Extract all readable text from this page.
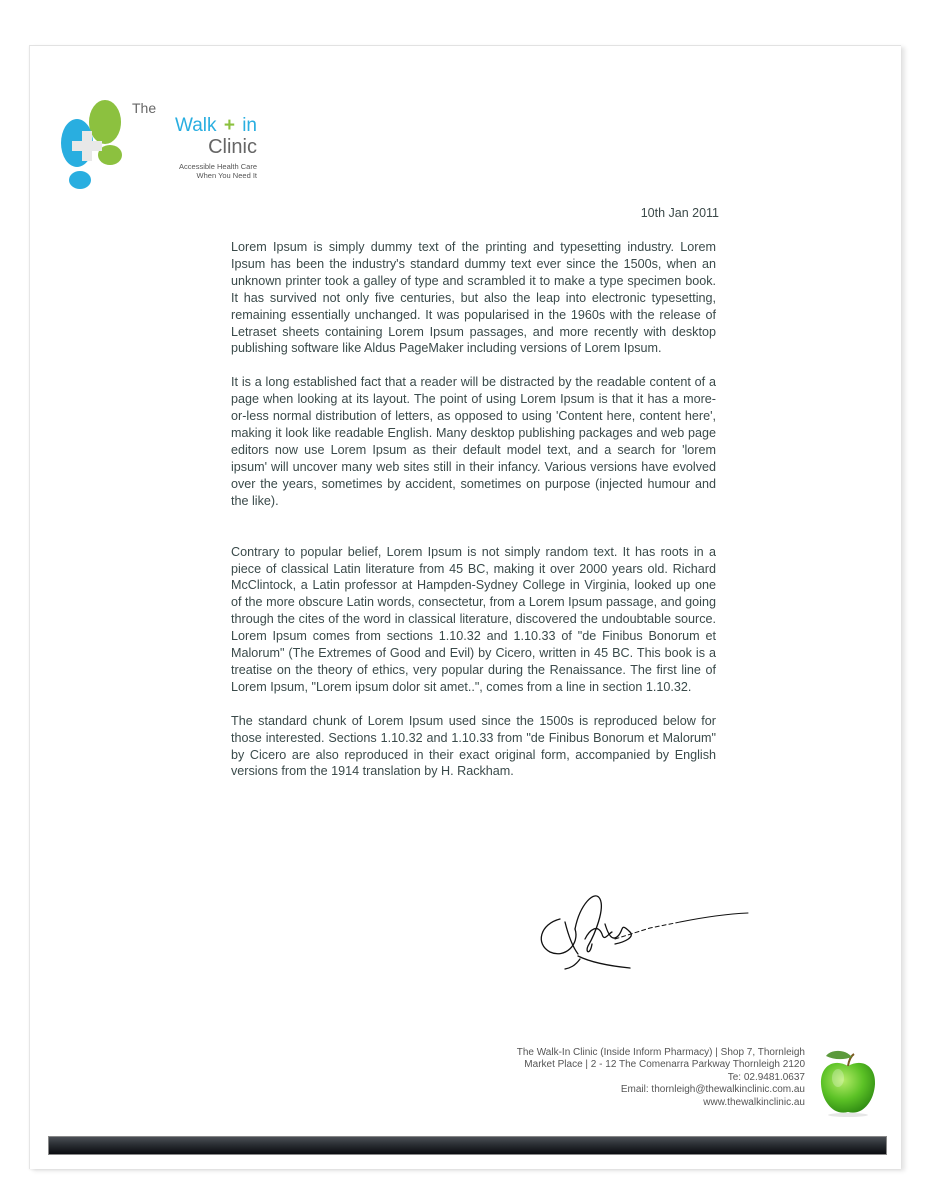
The
Walk + in
Clinic
Accessible Health Care
When You Need It
10th Jan 2011

Lorem Ipsum is simply dummy text of the printing and typesetting industry. Lorem Ipsum has been the industry's standard dummy text ever since the 1500s, when an unknown printer took a galley of type and scrambled it to make a type specimen book. It has survived not only five centuries, but also the leap into electronic typesetting, remaining essentially unchanged. It was popularised in the 1960s with the release of Letraset sheets containing Lorem Ipsum passages, and more recently with desktop publishing software like Aldus PageMaker including versions of Lorem Ipsum.

It is a long established fact that a reader will be distracted by the readable content of a page when looking at its layout. The point of using Lorem Ipsum is that it has a more-or-less normal distribution of letters, as opposed to using 'Content here, content here', making it look like readable English. Many desktop publishing packages and web page editors now use Lorem Ipsum as their default model text, and a search for 'lorem ipsum' will uncover many web sites still in their infancy. Various versions have evolved over the years, sometimes by accident, sometimes on purpose (injected humour and the like).

Contrary to popular belief, Lorem Ipsum is not simply random text. It has roots in a piece of classical Latin literature from 45 BC, making it over 2000 years old. Richard McClintock, a Latin professor at Hampden-Sydney College in Virginia, looked up one of the more obscure Latin words, consectetur, from a Lorem Ipsum passage, and going through the cites of the word in classical literature, discovered the undoubtable source. Lorem Ipsum comes from sections 1.10.32 and 1.10.33 of "de Finibus Bonorum et Malorum" (The Extremes of Good and Evil) by Cicero, written in 45 BC. This book is a treatise on the theory of ethics, very popular during the Renaissance. The first line of Lorem Ipsum, "Lorem ipsum dolor sit amet..", comes from a line in section 1.10.32.

The standard chunk of Lorem Ipsum used since the 1500s is reproduced below for those interested. Sections 1.10.32 and 1.10.33 from "de Finibus Bonorum et Malorum" by Cicero are also reproduced in their exact original form, accompanied by English versions from the 1914 translation by H. Rackham.

The Walk-In Clinic (Inside Inform Pharmacy) | Shop 7, Thornleigh
Market Place | 2 - 12 The Comenarra Parkway Thornleigh 2120
Te: 02.9481.0637
Email: thornleigh@thewalkinclinic.com.au
www.thewalkinclinic.au
